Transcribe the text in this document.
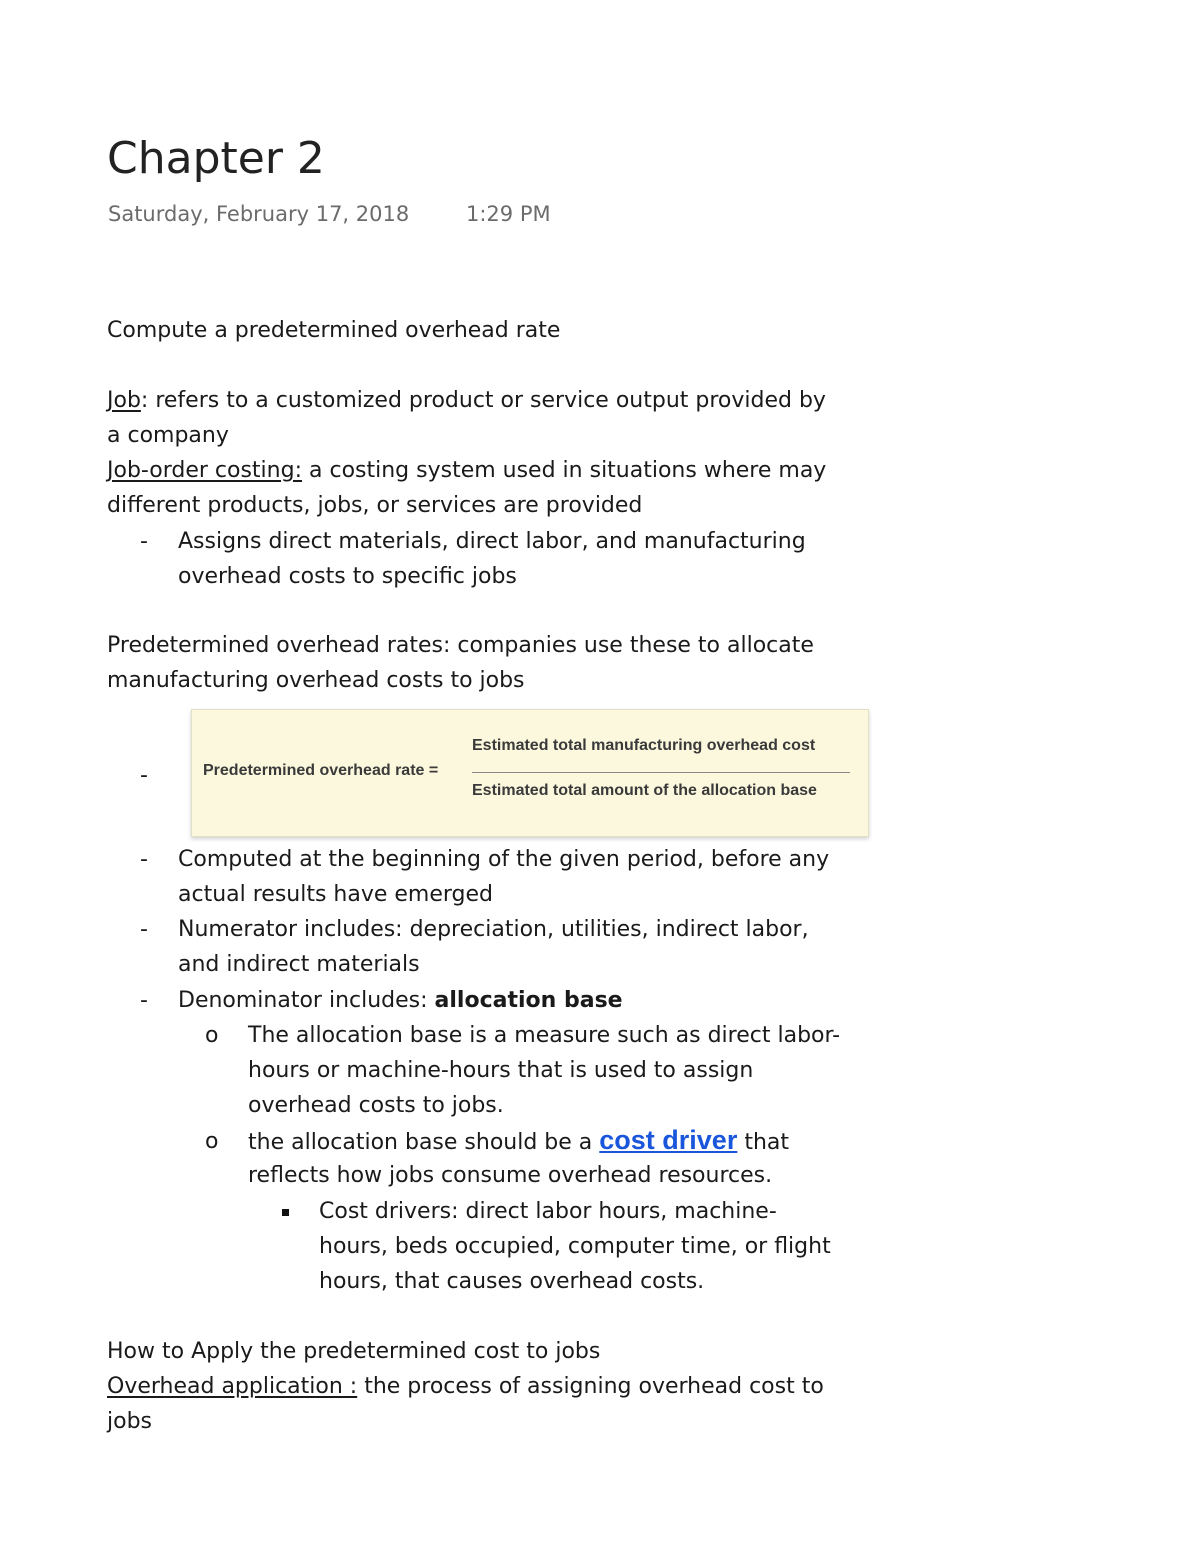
Chapter 2
Saturday, February 17, 2018	1:29 PM

Compute a predetermined overhead rate

Job: refers to a customized product or service output provided by

a company

Job-order costing: a costing system used in situations where may

different products, jobs, or services are provided

- Assigns direct materials, direct labor, and manufacturing

overhead costs to specific jobs

Predetermined overhead rates: companies use these to allocate

manufacturing overhead costs to jobs

-	Predetermined overhead rate =
Estimated total manufacturing overhead cost
Estimated total amount of the allocation base
- Computed at the beginning of the given period, before any

actual results have emerged

- Numerator includes: depreciation, utilities, indirect labor,

and indirect materials

- Denominator includes: allocation base

o The allocation base is a measure such as direct labor-

hours or machine-hours that is used to assign

overhead costs to jobs.

o the allocation base should be a cost driver that

reflects how jobs consume overhead resources.

Cost drivers: direct labor hours, machine-

hours, beds occupied, computer time, or flight

hours, that causes overhead costs.

How to Apply the predetermined cost to jobs

Overhead application : the process of assigning overhead cost to

jobs
